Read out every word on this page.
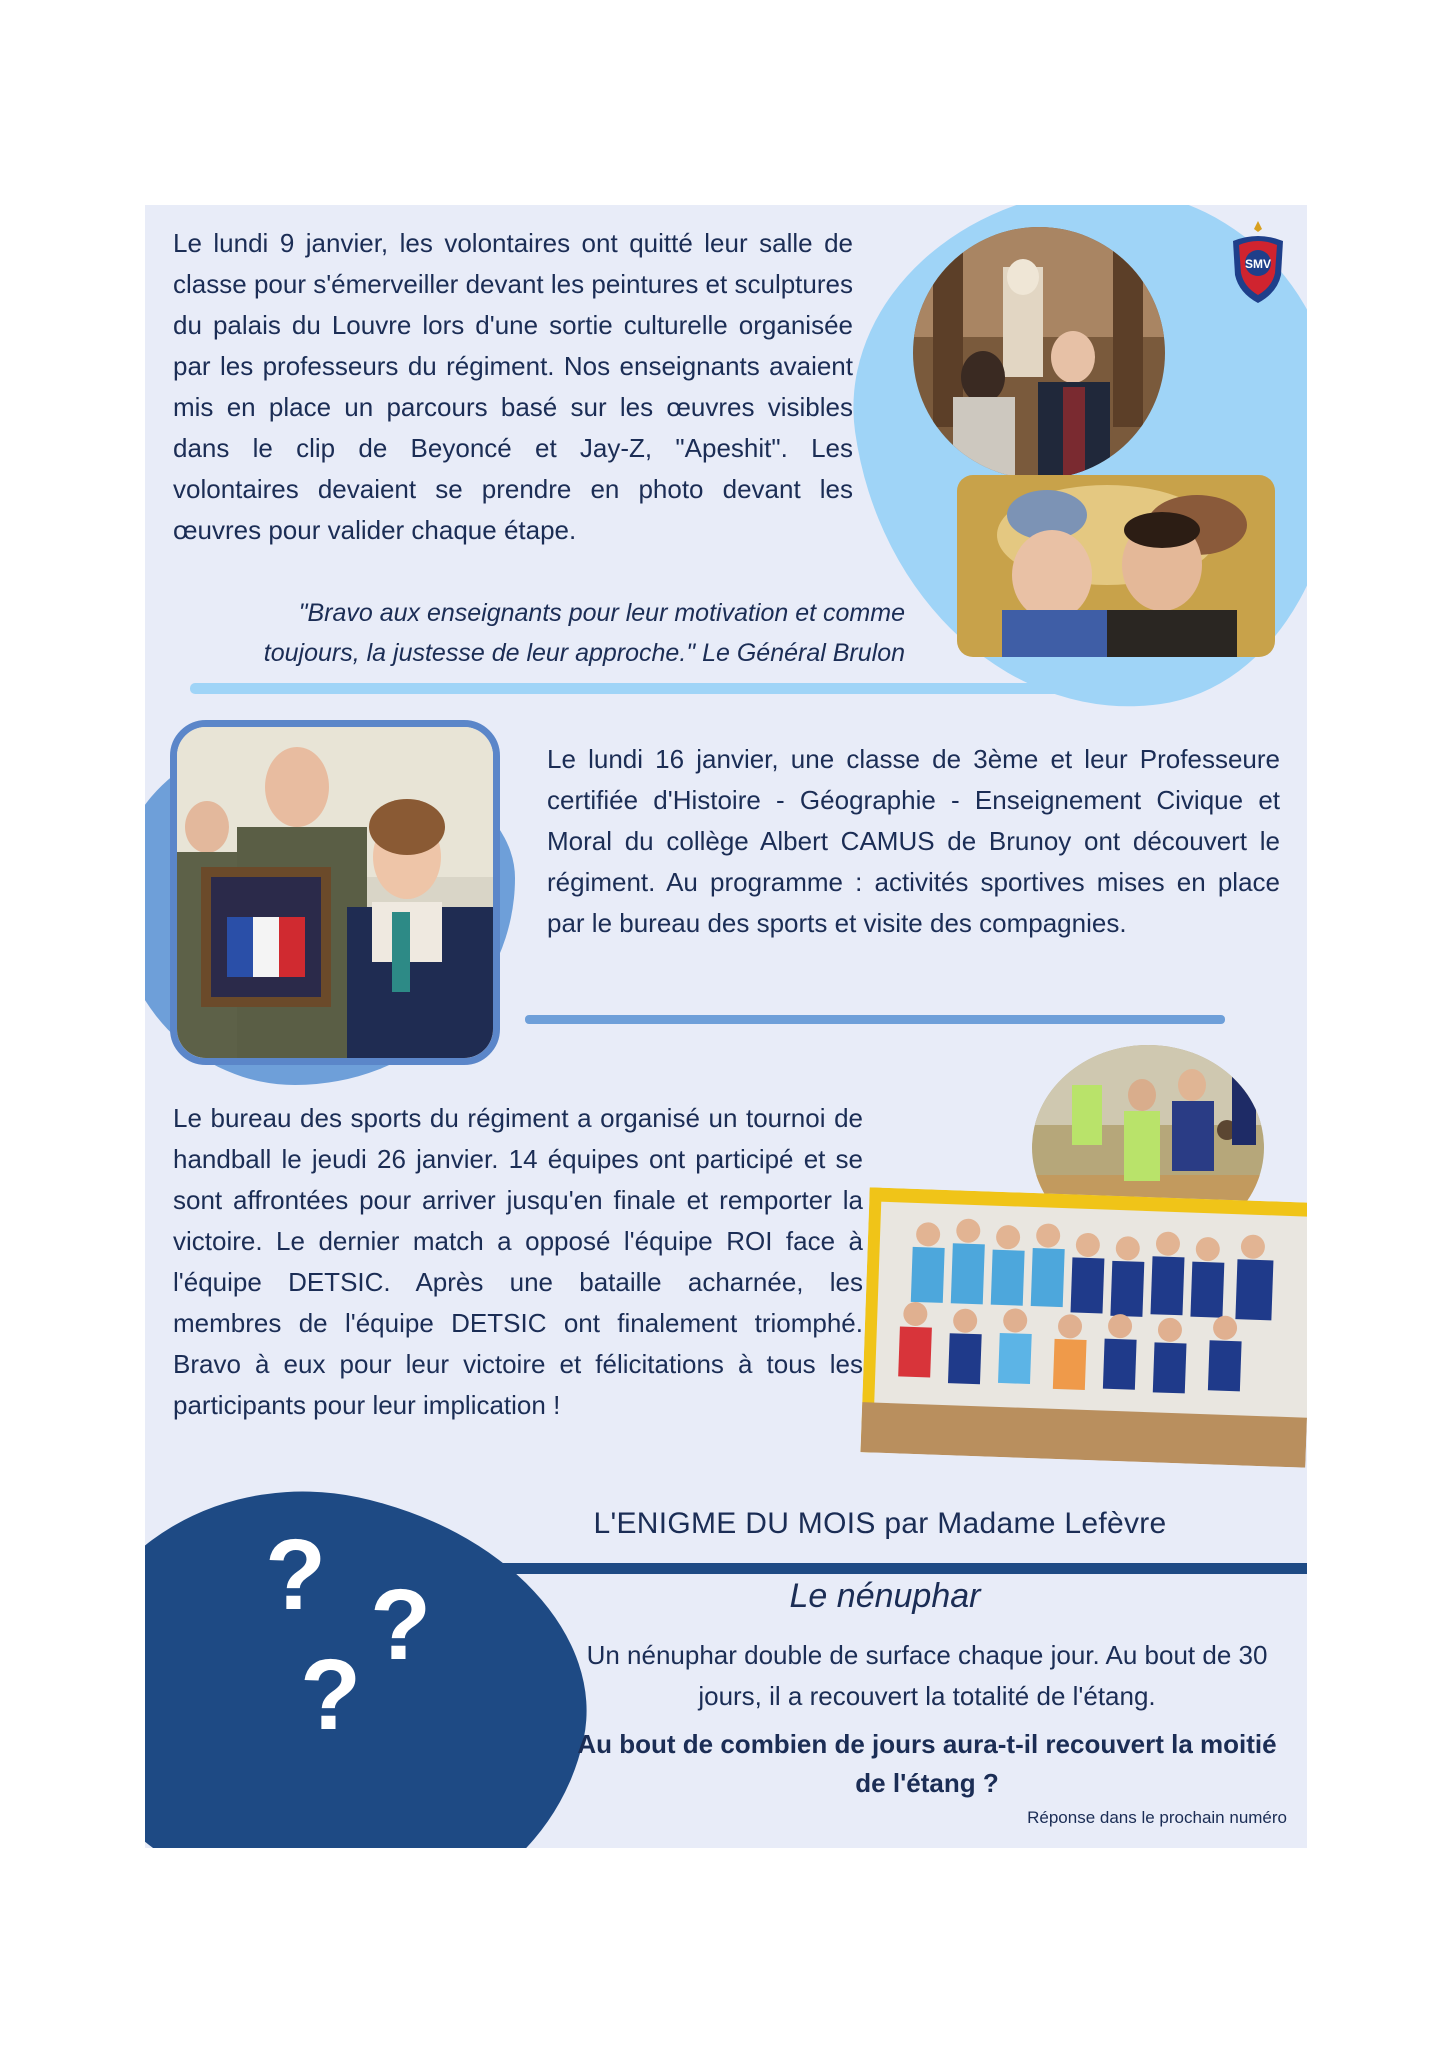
SMV
Le lundi 9 janvier, les volontaires ont quitté leur salle de classe pour s'émerveiller devant les peintures et sculptures du palais du Louvre lors d'une sortie culturelle organisée par les professeurs du régiment. Nos enseignants avaient mis en place un parcours basé sur les œuvres visibles dans le clip de Beyoncé et Jay-Z, "Apeshit". Les volontaires devaient se prendre en photo devant les œuvres pour valider chaque étape.
"Bravo aux enseignants pour leur motivation et comme toujours, la justesse de leur approche." Le Général Brulon
Le lundi 16 janvier, une classe de 3ème et leur Professeure certifiée d'Histoire - Géographie - Enseignement Civique et Moral du collège Albert CAMUS de Brunoy ont découvert le régiment. Au programme : activités sportives mises en place par le bureau des sports et visite des compagnies.
Le bureau des sports du régiment a organisé un tournoi de handball le jeudi 26 janvier. 14 équipes ont participé et se sont affrontées pour arriver jusqu'en finale et remporter la victoire. Le dernier match a opposé l'équipe ROI face à l'équipe DETSIC. Après une bataille acharnée, les membres de l'équipe DETSIC ont finalement triomphé. Bravo à eux pour leur victoire et félicitations à tous les participants pour leur implication !
? ?
?
L'ENIGME DU MOIS par Madame Lefèvre
Le nénuphar
Un nénuphar double de surface chaque jour. Au bout de 30 jours, il a recouvert la totalité de l'étang.
Au bout de combien de jours aura-t-il recouvert la moitié de l'étang ?
Réponse dans le prochain numéro
